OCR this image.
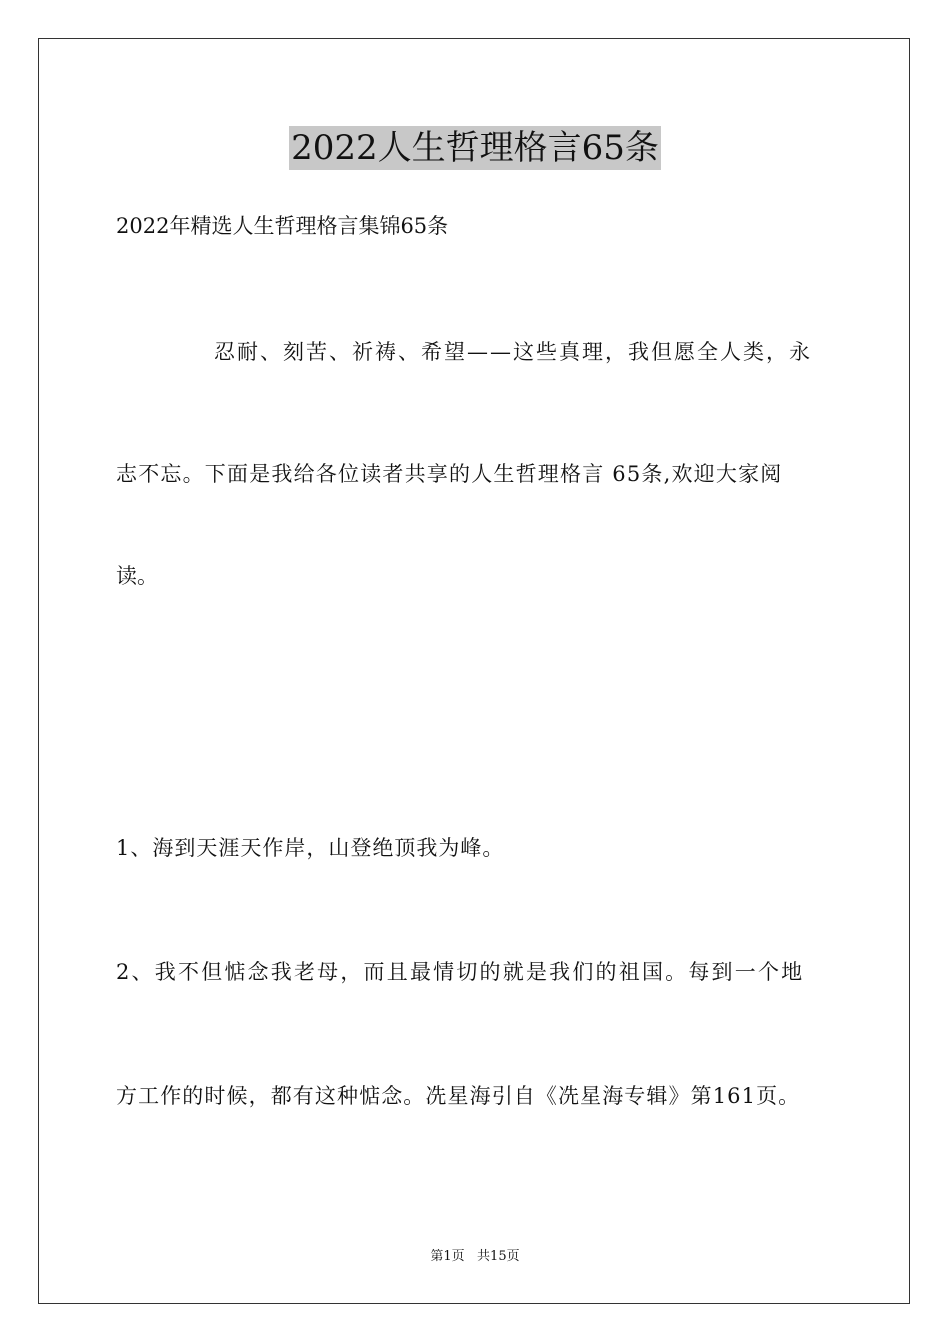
2022人生哲理格言65条
2022年精选人生哲理格言集锦65条
忍耐、刻苦、祈祷、希望——这些真理，我但愿全人类，永
志不忘。下面是我给各位读者共享的人生哲理格言 65条,欢迎大家阅
读。
1、海到天涯天作岸，山登绝顶我为峰。
2、我不但惦念我老母，而且最情切的就是我们的祖国。每到一个地
方工作的时候，都有这种惦念。冼星海引自《冼星海专辑》第161页。
第1页   共15页
